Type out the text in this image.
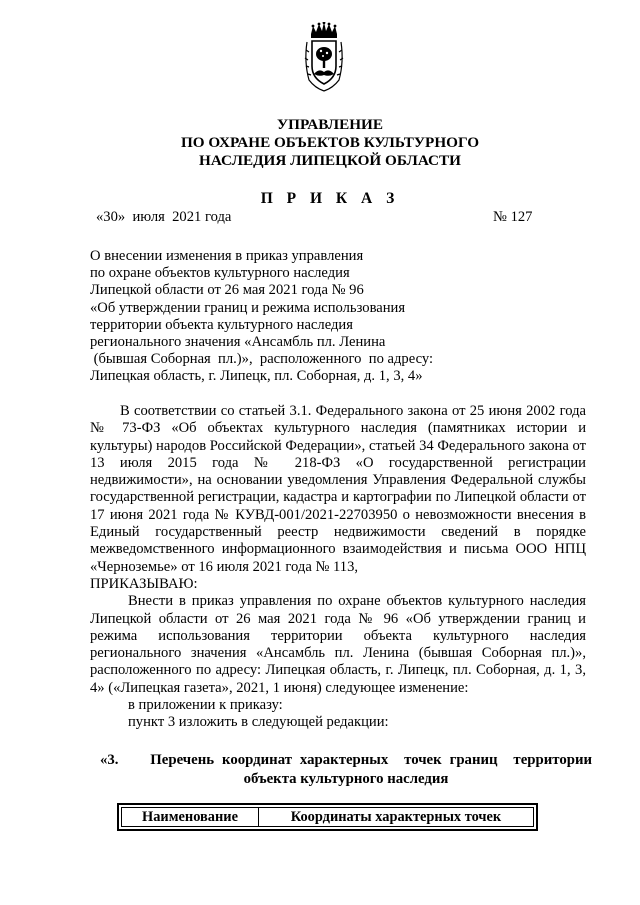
УПРАВЛЕНИЕ
ПО ОХРАНЕ ОБЪЕКТОВ КУЛЬТУРНОГО
НАСЛЕДИЯ ЛИПЕЦКОЙ ОБЛАСТИ
П Р И К А З
«30»  июля  2021 года	№ 127
О внесении изменения в приказ управления
по охране объектов культурного наследия
Липецкой области от 26 мая 2021 года № 96
«Об утверждении границ и режима использования
территории объекта культурного наследия
регионального значения «Ансамбль пл. Ленина
(бывшая Соборная  пл.)»,  расположенного  по адресу:
Липецкая область, г. Липецк, пл. Соборная, д. 1, 3, 4»

В соответствии со статьей 3.1. Федерального закона от 25 июня 2002 года № 73-ФЗ «Об объектах культурного наследия (памятниках истории и культуры) народов Российской Федерации», статьей 34 Федерального закона от 13 июля 2015 года № 218-ФЗ «О государственной регистрации недвижимости», на основании уведомления Управления Федеральной службы государственной регистрации, кадастра и картографии по Липецкой области от 17 июня 2021 года № КУВД-001/2021-22703950 о невозможности внесения в Единый государственный реестр недвижимости сведений в порядке межведомственного информационного взаимодействия и письма ООО НПЦ «Черноземье» от 16 июля 2021 года № 113,

ПРИКАЗЫВАЮ:

Внести в приказ управления по охране объектов культурного наследия Липецкой области от 26 мая 2021 года № 96 «Об утверждении границ и режима использования территории объекта культурного наследия регионального значения «Ансамбль пл. Ленина (бывшая Соборная пл.)», расположенного по адресу: Липецкая область, г. Липецк, пл. Соборная, д. 1, 3, 4» («Липецкая газета», 2021, 1 июня) следующее изменение:

в приложении к приказу:

пункт 3 изложить в следующей редакции:

«3.    Перечень координат характерных  точек границ  территории
объекта культурного наследия
Наименование	Координаты характерных точек
